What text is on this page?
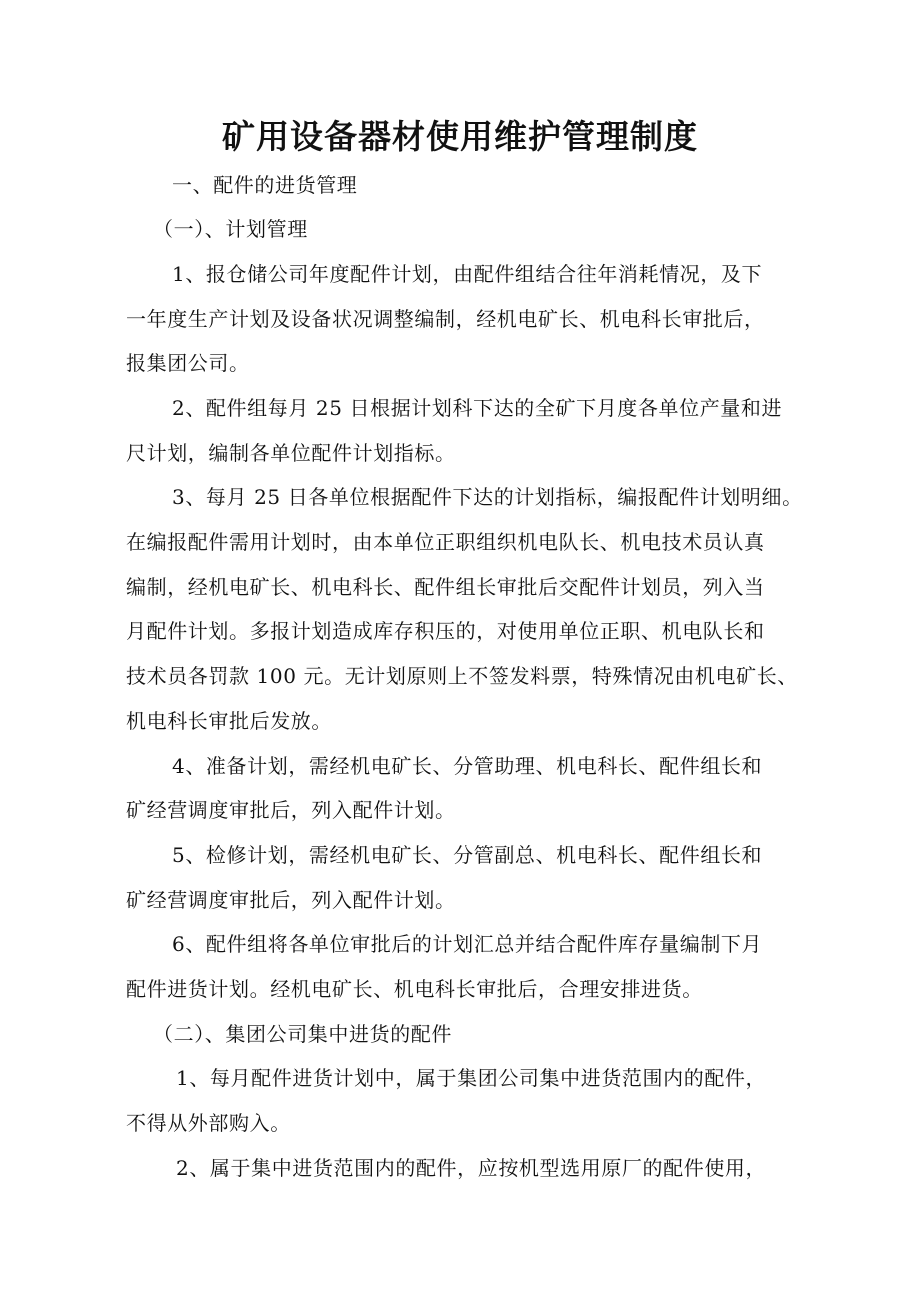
矿用设备器材使用维护管理制度
一、配件的进货管理
（一）、计划管理
1、报仓储公司年度配件计划，由配件组结合往年消耗情况，及下
一年度生产计划及设备状况调整编制，经机电矿长、机电科长审批后，
报集团公司。
2、配件组每月 25 日根据计划科下达的全矿下月度各单位产量和进
尺计划，编制各单位配件计划指标。
3、每月 25 日各单位根据配件下达的计划指标，编报配件计划明细。
在编报配件需用计划时，由本单位正职组织机电队长、机电技术员认真
编制，经机电矿长、机电科长、配件组长审批后交配件计划员，列入当
月配件计划。多报计划造成库存积压的，对使用单位正职、机电队长和
技术员各罚款 100 元。无计划原则上不签发料票，特殊情况由机电矿长、
机电科长审批后发放。
4、准备计划，需经机电矿长、分管助理、机电科长、配件组长和
矿经营调度审批后，列入配件计划。
5、检修计划，需经机电矿长、分管副总、机电科长、配件组长和
矿经营调度审批后，列入配件计划。
6、配件组将各单位审批后的计划汇总并结合配件库存量编制下月
配件进货计划。经机电矿长、机电科长审批后，合理安排进货。
（二）、集团公司集中进货的配件
1、每月配件进货计划中，属于集团公司集中进货范围内的配件，
不得从外部购入。
2、属于集中进货范围内的配件，应按机型选用原厂的配件使用，
